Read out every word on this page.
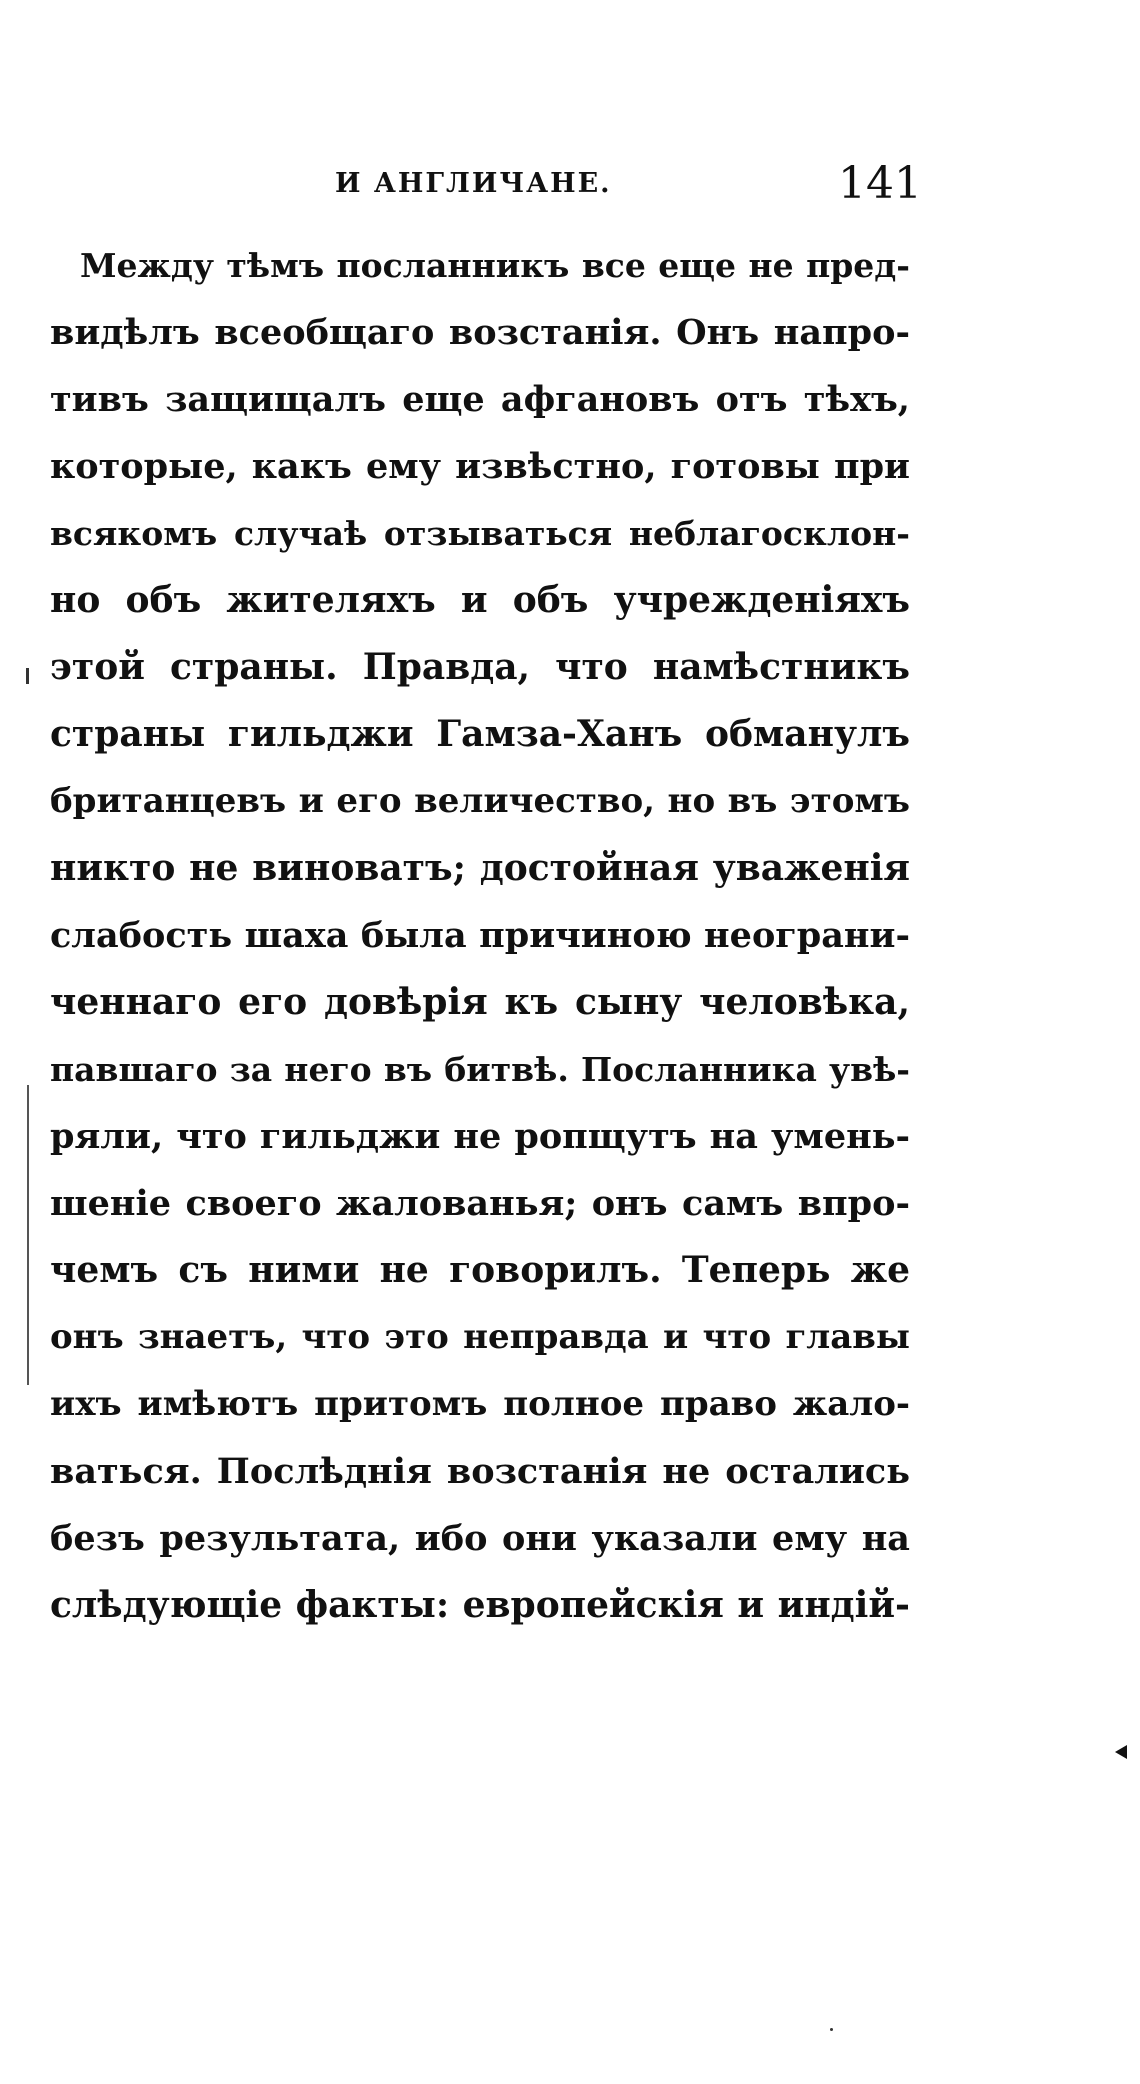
И АНГЛИЧАНЕ.	141
Между тѣмъ посланникъ все еще не пред-
видѣлъ всеобщаго возстанія. Онъ напро-
тивъ защищалъ еще афгановъ отъ тѣхъ,
которые, какъ ему извѣстно, готовы при
всякомъ случаѣ отзываться неблагосклон-
но объ жителяхъ и объ учрежденіяхъ
этой страны. Правда, что намѣстникъ
страны гильджи Гамза-Ханъ обманулъ
британцевъ и его величество, но въ этомъ
никто не виноватъ; достойная уваженія
слабость шаха была причиною неограни-
ченнаго его довѣрія къ сыну человѣка,
павшаго за него въ битвѣ. Посланника увѣ-
ряли, что гильджи не ропщутъ на умень-
шеніе своего жалованья; онъ самъ впро-
чемъ съ ними не говорилъ. Теперь же
онъ знаетъ, что это неправда и что главы
ихъ имѣютъ притомъ полное право жало-
ваться. Послѣднія возстанія не остались
безъ результата, ибо они указали ему на
слѣдующіе факты: европейскія и индій-
